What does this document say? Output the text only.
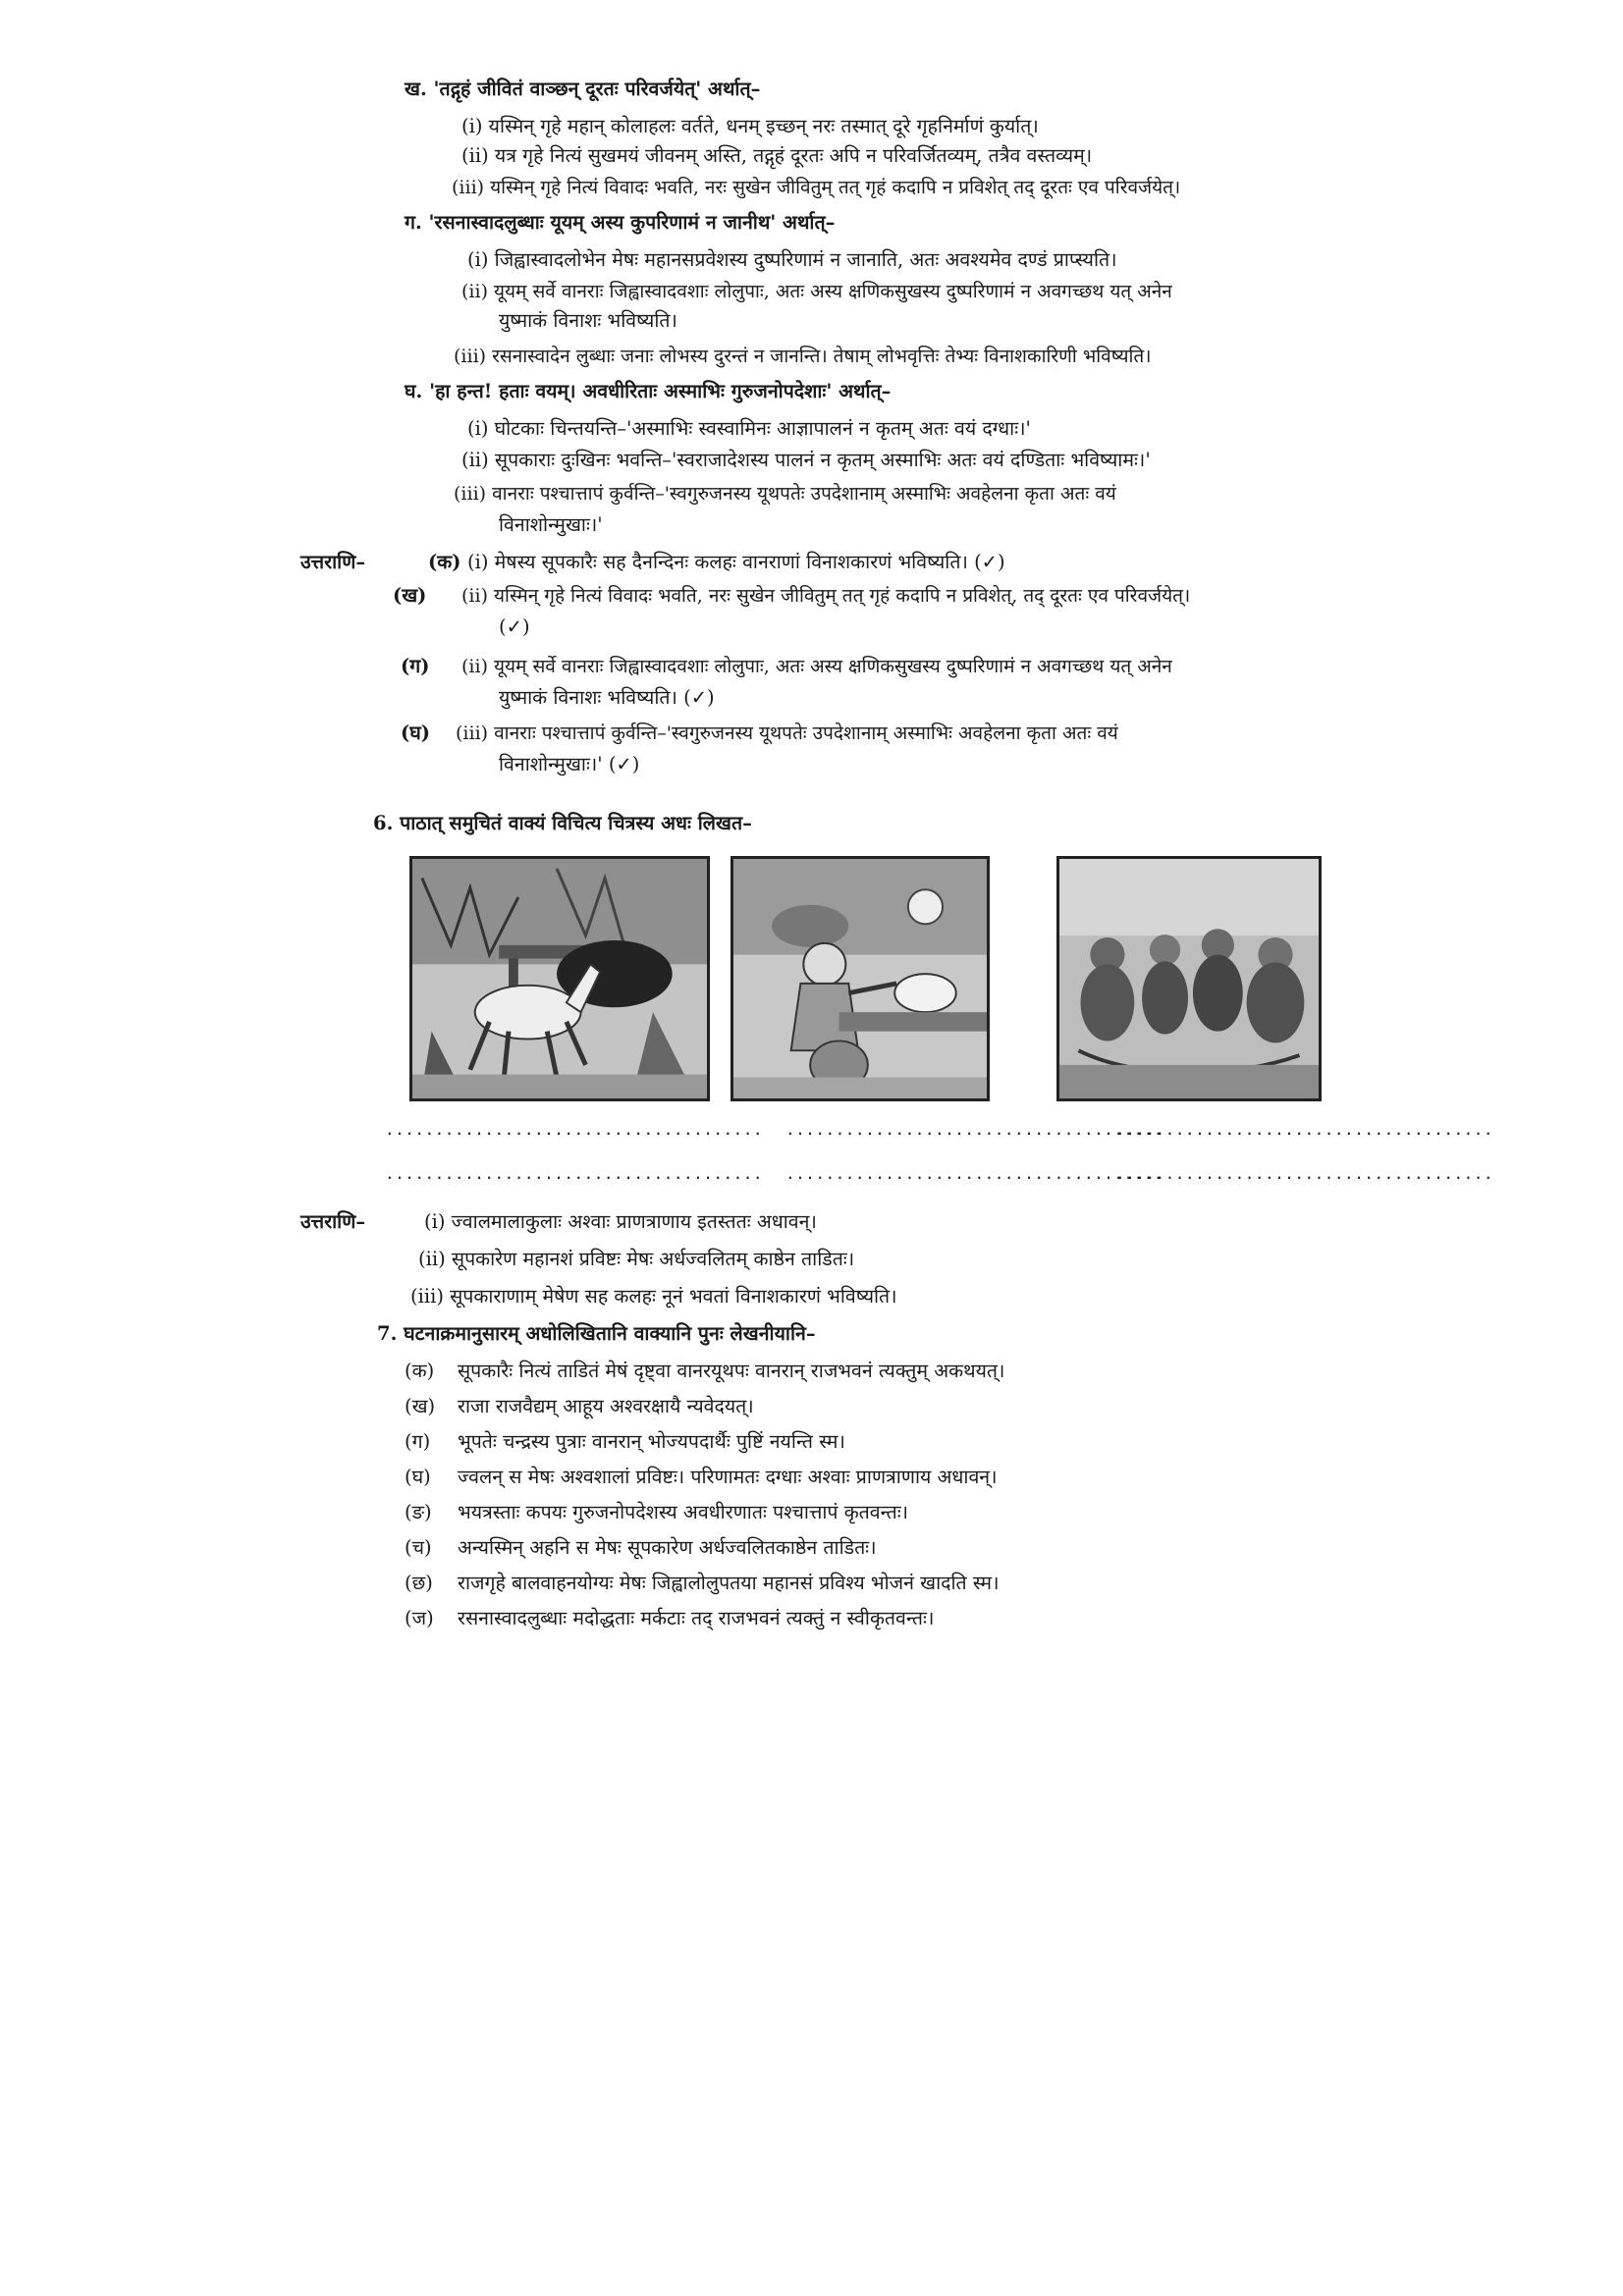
ख. 'तद्गृहं जीवितं वाञ्छन् दूरतः परिवर्जयेत्' अर्थात्–
(i) यस्मिन् गृहे महान् कोलाहलः वर्तते, धनम् इच्छन् नरः तस्मात् दूरे गृहनिर्माणं कुर्यात्।
(ii) यत्र गृहे नित्यं सुखमयं जीवनम् अस्ति, तद्गृहं दूरतः अपि न परिवर्जितव्यम्, तत्रैव वस्तव्यम्।
(iii) यस्मिन् गृहे नित्यं विवादः भवति, नरः सुखेन जीवितुम् तत् गृहं कदापि न प्रविशेत् तद् दूरतः एव परिवर्जयेत्।
ग. 'रसनास्वादलुब्धाः यूयम् अस्य कुपरिणामं न जानीथ' अर्थात्–
(i) जिह्वास्वादलोभेन मेषः महानसप्रवेशस्य दुष्परिणामं न जानाति, अतः अवश्यमेव दण्डं प्राप्स्यति।
(ii) यूयम् सर्वे वानराः जिह्वास्वादवशाः लोलुपाः, अतः अस्य क्षणिकसुखस्य दुष्परिणामं न अवगच्छथ यत् अनेन
युष्माकं विनाशः भविष्यति।
(iii) रसनास्वादेन लुब्धाः जनाः लोभस्य दुरन्तं न जानन्ति। तेषाम् लोभवृत्तिः तेभ्यः विनाशकारिणी भविष्यति।
घ. 'हा हन्त! हताः वयम्। अवधीरिताः अस्माभिः गुरुजनोपदेशाः' अर्थात्–
(i) घोटकाः चिन्तयन्ति–'अस्माभिः स्वस्वामिनः आज्ञापालनं न कृतम् अतः वयं दग्धाः।'
(ii) सूपकाराः दुःखिनः भवन्ति–'स्वराजादेशस्य पालनं न कृतम् अस्माभिः अतः वयं दण्डिताः भविष्यामः।'
(iii) वानराः पश्चात्तापं कुर्वन्ति–'स्वगुरुजनस्य यूथपतेः उपदेशानाम् अस्माभिः अवहेलना कृता अतः वयं
विनाशोन्मुखाः।'
उत्तराणि–	(क) (i) मेषस्य सूपकारैः सह दैनन्दिनः कलहः वानराणां विनाशकारणं भविष्यति। (✓)
(ख) (ii) यस्मिन् गृहे नित्यं विवादः भवति, नरः सुखेन जीवितुम् तत् गृहं कदापि न प्रविशेत्, तद् दूरतः एव परिवर्जयेत्।
(✓)
(ग) (ii) यूयम् सर्वे वानराः जिह्वास्वादवशाः लोलुपाः, अतः अस्य क्षणिकसुखस्य दुष्परिणामं न अवगच्छथ यत् अनेन
युष्माकं विनाशः भविष्यति। (✓)
(घ) (iii) वानराः पश्चात्तापं कुर्वन्ति–'स्वगुरुजनस्य यूथपतेः उपदेशानाम् अस्माभिः अवहेलना कृता अतः वयं
विनाशोन्मुखाः।' (✓)
6. पाठात् समुचितं वाक्यं विचित्य चित्रस्य अधः लिखत–
...................................... ......................................
......................................
...................................... ......................................
......................................
उत्तराणि–	(i) ज्वालमालाकुलाः अश्वाः प्राणत्राणाय इतस्ततः अधावन्।
(ii) सूपकारेण महानशं प्रविष्टः मेषः अर्धज्वलितम् काष्ठेन ताडितः।
(iii) सूपकाराणाम् मेषेण सह कलहः नूनं भवतां विनाशकारणं भविष्यति।
7. घटनाक्रमानुसारम् अधोलिखितानि वाक्यानि पुनः लेखनीयानि–
(क) सूपकारैः नित्यं ताडितं मेषं दृष्ट्वा वानरयूथपः वानरान् राजभवनं त्यक्तुम् अकथयत्।
(ख) राजा राजवैद्यम् आहूय अश्वरक्षायै न्यवेदयत्।
(ग) भूपतेः चन्द्रस्य पुत्राः वानरान् भोज्यपदार्थैः पुष्टिं नयन्ति स्म।
(घ) ज्वलन् स मेषः अश्वशालां प्रविष्टः। परिणामतः दग्धाः अश्वाः प्राणत्राणाय अधावन्।
(ङ) भयत्रस्ताः कपयः गुरुजनोपदेशस्य अवधीरणातः पश्चात्तापं कृतवन्तः।
(च) अन्यस्मिन् अहनि स मेषः सूपकारेण अर्धज्वलितकाष्ठेन ताडितः।
(छ) राजगृहे बालवाहनयोग्यः मेषः जिह्वालोलुपतया महानसं प्रविश्य भोजनं खादति स्म।
(ज) रसनास्वादलुब्धाः मदोद्धताः मर्कटाः तद् राजभवनं त्यक्तुं न स्वीकृतवन्तः।
